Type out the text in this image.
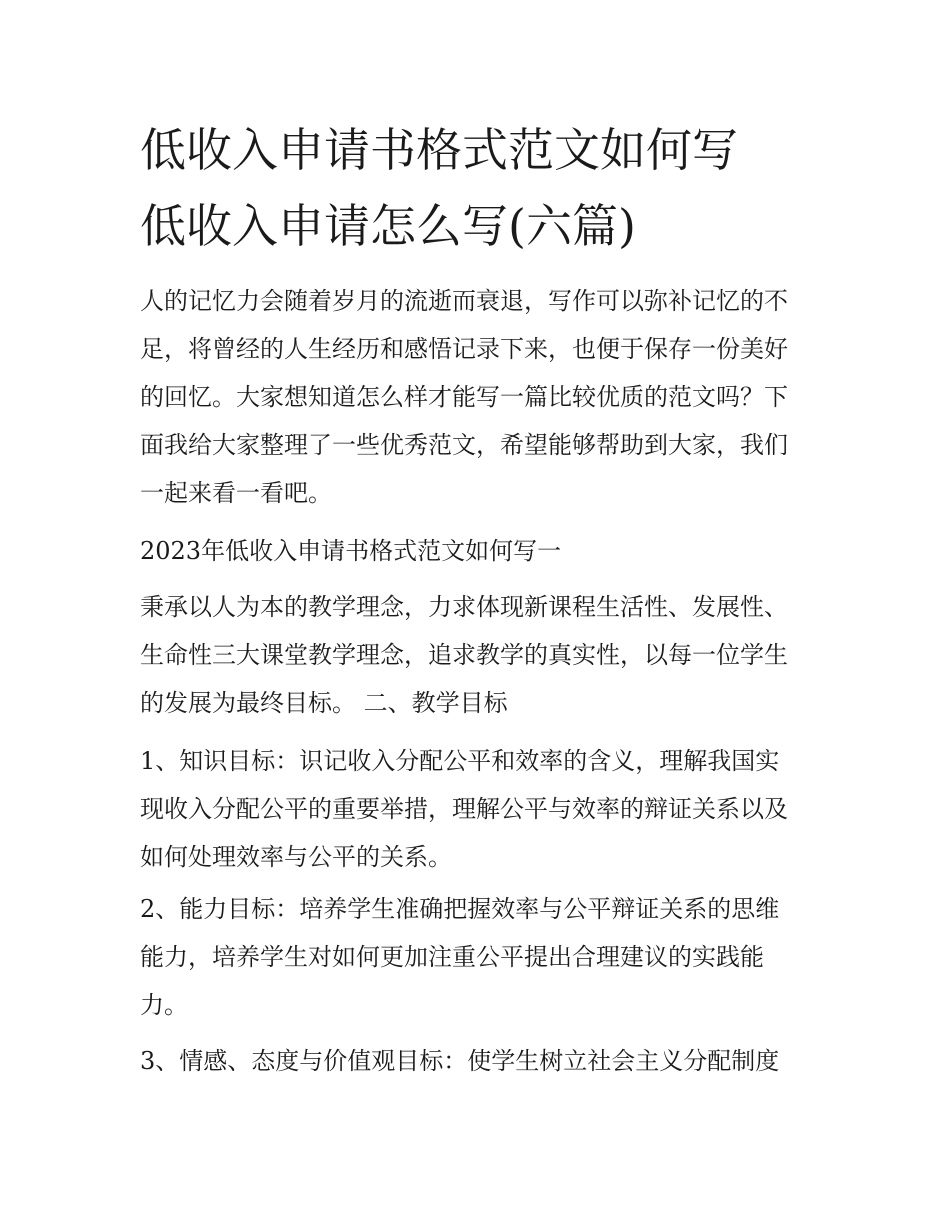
低收入申请书格式范文如何写
低收入申请怎么写(六篇)

人的记忆力会随着岁月的流逝而衰退，写作可以弥补记忆的不
足，将曾经的人生经历和感悟记录下来，也便于保存一份美好
的回忆。大家想知道怎么样才能写一篇比较优质的范文吗？下
面我给大家整理了一些优秀范文，希望能够帮助到大家，我们
一起来看一看吧。

2023年低收入申请书格式范文如何写一

秉承以人为本的教学理念，力求体现新课程生活性、发展性、
生命性三大课堂教学理念，追求教学的真实性，以每一位学生
的发展为最终目标。 二、教学目标

1、知识目标：识记收入分配公平和效率的含义，理解我国实
现收入分配公平的重要举措，理解公平与效率的辩证关系以及
如何处理效率与公平的关系。

2、能力目标：培养学生准确把握效率与公平辩证关系的思维
能力，培养学生对如何更加注重公平提出合理建议的实践能
力。

3、情感、态度与价值观目标：使学生树立社会主义分配制度
